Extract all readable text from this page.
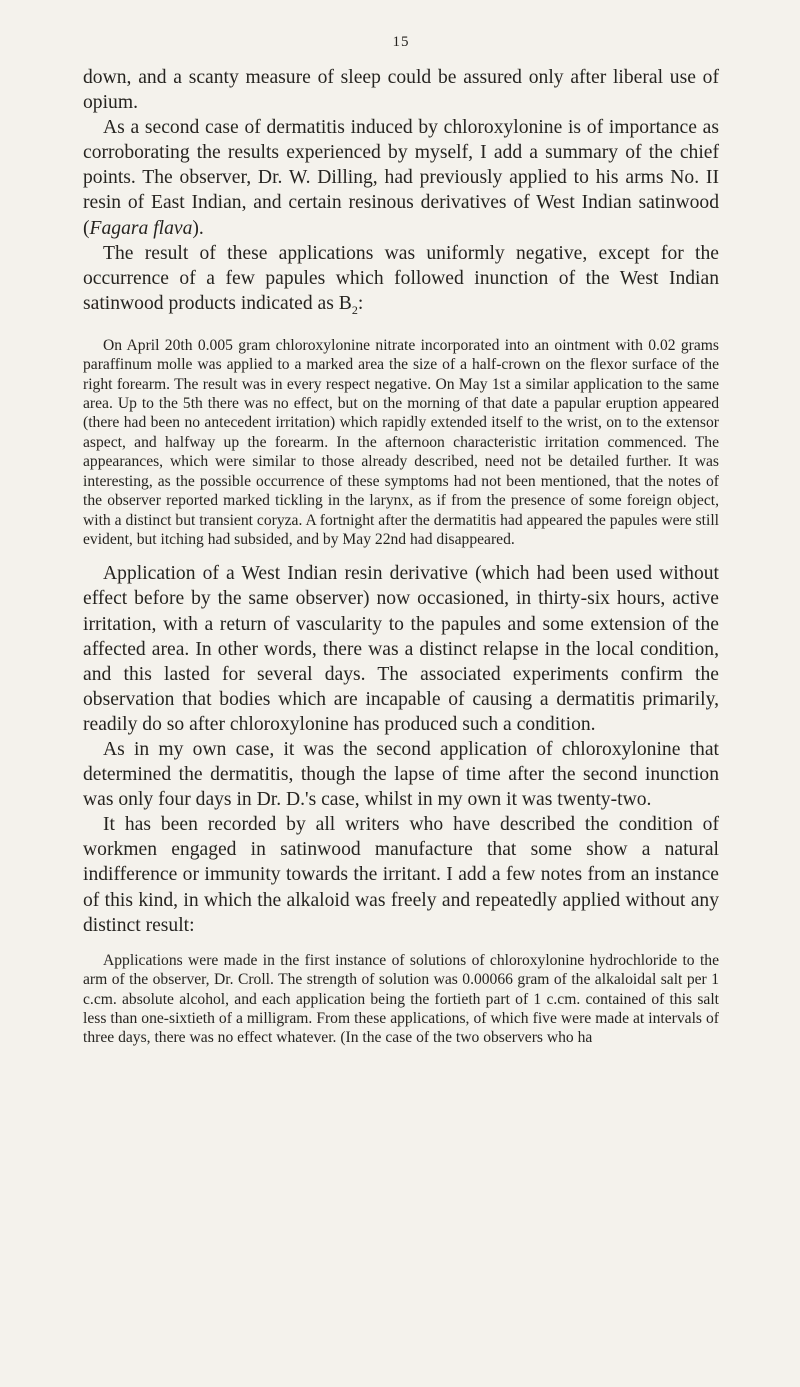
15

down, and a scanty measure of sleep could be assured only after liberal use of opium.

As a second case of dermatitis induced by chloroxylonine is of importance as corroborating the results experienced by myself, I add a summary of the chief points. The observer, Dr. W. Dilling, had previously applied to his arms No. II resin of East Indian, and certain resinous derivatives of West Indian satinwood (Fagara flava).

The result of these applications was uniformly negative, except for the occurrence of a few papules which followed inunction of the West Indian satinwood products indicated as $B_2$:

On April 20th 0.005 gram chloroxylonine nitrate incorporated into an ointment with 0.02 grams paraffinum molle was applied to a marked area the size of a half-crown on the flexor surface of the right forearm. The result was in every respect negative. On May 1st a similar application to the same area. Up to the 5th there was no effect, but on the morning of that date a papular eruption appeared (there had been no antecedent irritation) which rapidly extended itself to the wrist, on to the extensor aspect, and halfway up the forearm. In the afternoon characteristic irritation commenced. The appearances, which were similar to those already described, need not be detailed further. It was interesting, as the possible occurrence of these symptoms had not been mentioned, that the notes of the observer reported marked tickling in the larynx, as if from the presence of some foreign object, with a distinct but transient coryza. A fortnight after the dermatitis had appeared the papules were still evident, but itching had subsided, and by May 22nd had disappeared.

Application of a West Indian resin derivative (which had been used without effect before by the same observer) now occasioned, in thirty-six hours, active irritation, with a return of vascularity to the papules and some extension of the affected area. In other words, there was a distinct relapse in the local condition, and this lasted for several days. The associated experiments confirm the observation that bodies which are incapable of causing a dermatitis primarily, readily do so after chloroxylonine has produced such a condition.

As in my own case, it was the second application of chloroxylonine that determined the dermatitis, though the lapse of time after the second inunction was only four days in Dr. D.'s case, whilst in my own it was twenty-two.

It has been recorded by all writers who have described the condition of workmen engaged in satinwood manufacture that some show a natural indifference or immunity towards the irritant. I add a few notes from an instance of this kind, in which the alkaloid was freely and repeatedly applied without any distinct result:

Applications were made in the first instance of solutions of chloroxylonine hydrochloride to the arm of the observer, Dr. Croll. The strength of solution was 0.00066 gram of the alkaloidal salt per 1 c.cm. absolute alcohol, and each application being the fortieth part of 1 c.cm. contained of this salt less than one-sixtieth of a milligram. From these applications, of which five were made at intervals of three days, there was no effect whatever. (In the case of the two observers who ha
